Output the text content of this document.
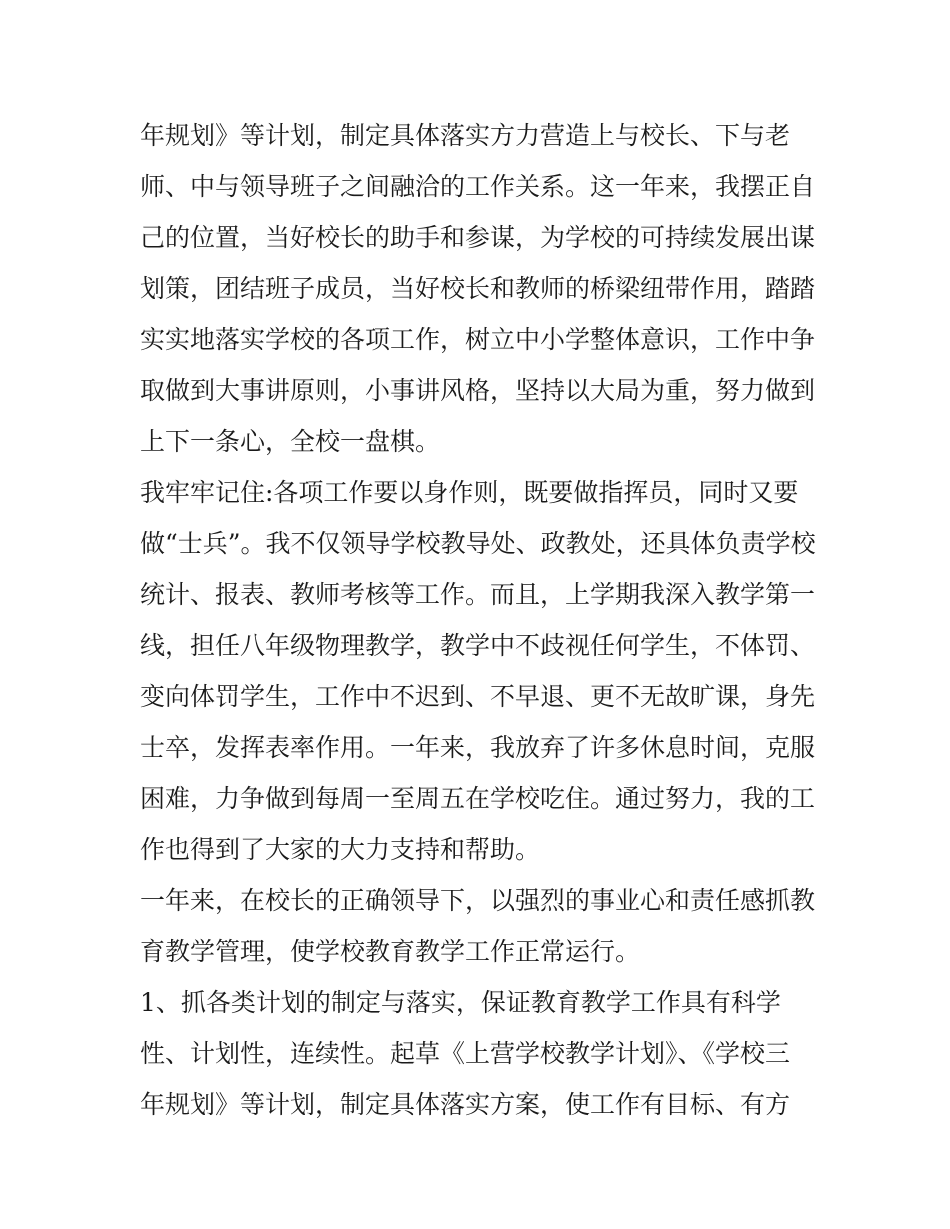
年规划》等计划，制定具体落实方力营造上与校长、下与老
师、中与领导班子之间融洽的工作关系。这一年来，我摆正自
己的位置，当好校长的助手和参谋，为学校的可持续发展出谋
划策，团结班子成员，当好校长和教师的桥梁纽带作用，踏踏
实实地落实学校的各项工作，树立中小学整体意识，工作中争
取做到大事讲原则，小事讲风格，坚持以大局为重，努力做到
上下一条心，全校一盘棋。
我牢牢记住:各项工作要以身作则，既要做指挥员，同时又要
做“士兵”。我不仅领导学校教导处、政教处，还具体负责学校
统计、报表、教师考核等工作。而且，上学期我深入教学第一
线，担任八年级物理教学，教学中不歧视任何学生，不体罚、
变向体罚学生，工作中不迟到、不早退、更不无故旷课，身先
士卒，发挥表率作用。一年来，我放弃了许多休息时间，克服
困难，力争做到每周一至周五在学校吃住。通过努力，我的工
作也得到了大家的大力支持和帮助。
一年来，在校长的正确领导下，以强烈的事业心和责任感抓教
育教学管理，使学校教育教学工作正常运行。
1、抓各类计划的制定与落实，保证教育教学工作具有科学
性、计划性，连续性。起草《上营学校教学计划》、《学校三
年规划》等计划，制定具体落实方案，使工作有目标、有方
